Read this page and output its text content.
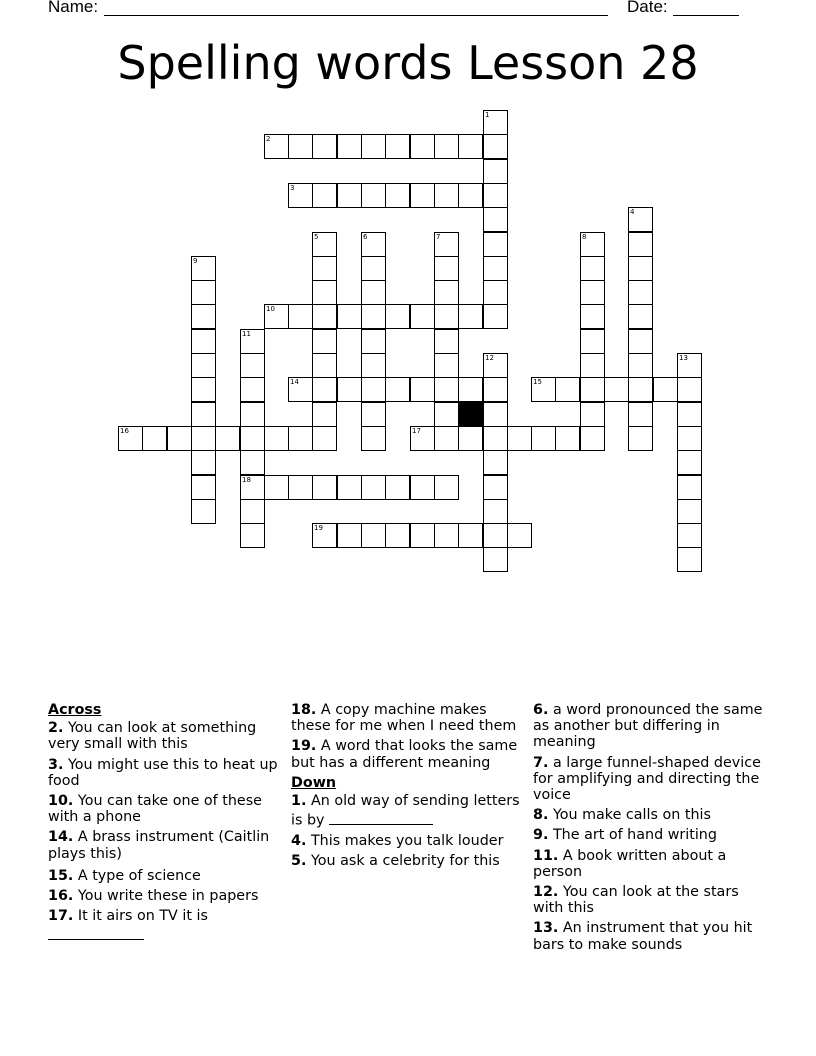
Name:	Date:
Spelling words Lesson 28
1
2
3
4
5	6	7	8
9
10
11
18
12	13
14	15
16	17
19
Across
2. You can look at something very small with this
3. You might use this to heat up food
10. You can take one of these with a phone
14. A brass instrument (Caitlin plays this)
15. A type of science
16. You write these in papers
17. It it airs on TV it is

18. A copy machine makes these for me when I need them
19. A word that looks the same but has a different meaning
Down
1. An old way of sending letters is by
4. This makes you talk louder
5. You ask a celebrity for this
6. a word pronounced the same as another but differing in meaning
7. a large funnel-shaped device for amplifying and directing the voice
8. You make calls on this
9. The art of hand writing
11. A book written about a person
12. You can look at the stars with this
13. An instrument that you hit bars to make sounds
